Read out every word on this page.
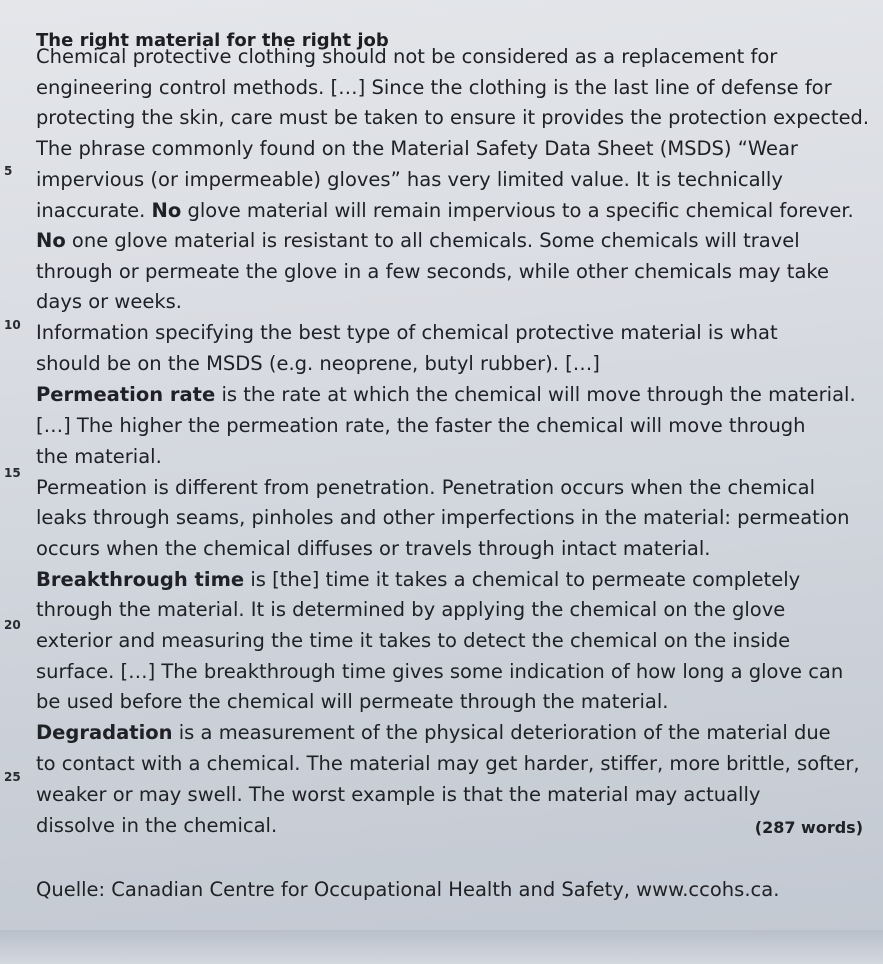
The right material for the right job
Chemical protective clothing should not be considered as a replacement for
engineering control methods. […] Since the clothing is the last line of defense for
protecting the skin, care must be taken to ensure it provides the protection expected.
The phrase commonly found on the Material Safety Data Sheet (MSDS) “Wear
impervious (or impermeable) gloves” has very limited value. It is technically
inaccurate. No glove material will remain impervious to a specific chemical forever.
No one glove material is resistant to all chemicals. Some chemicals will travel
through or permeate the glove in a few seconds, while other chemicals may take
days or weeks.
Information specifying the best type of chemical protective material is what
should be on the MSDS (e.g. neoprene, butyl rubber). […]
Permeation rate is the rate at which the chemical will move through the material.
[…] The higher the permeation rate, the faster the chemical will move through
the material.
Permeation is different from penetration. Penetration occurs when the chemical
leaks through seams, pinholes and other imperfections in the material: permeation
occurs when the chemical diffuses or travels through intact material.
Breakthrough time is [the] time it takes a chemical to permeate completely
through the material. It is determined by applying the chemical on the glove
exterior and measuring the time it takes to detect the chemical on the inside
surface. […] The breakthrough time gives some indication of how long a glove can
be used before the chemical will permeate through the material.
Degradation is a measurement of the physical deterioration of the material due
to contact with a chemical. The material may get harder, stiffer, more brittle, softer,
weaker or may swell. The worst example is that the material may actually
dissolve in the chemical.
5
10
15
20
25
(287 words)
Quelle: Canadian Centre for Occupational Health and Safety, www.ccohs.ca.
